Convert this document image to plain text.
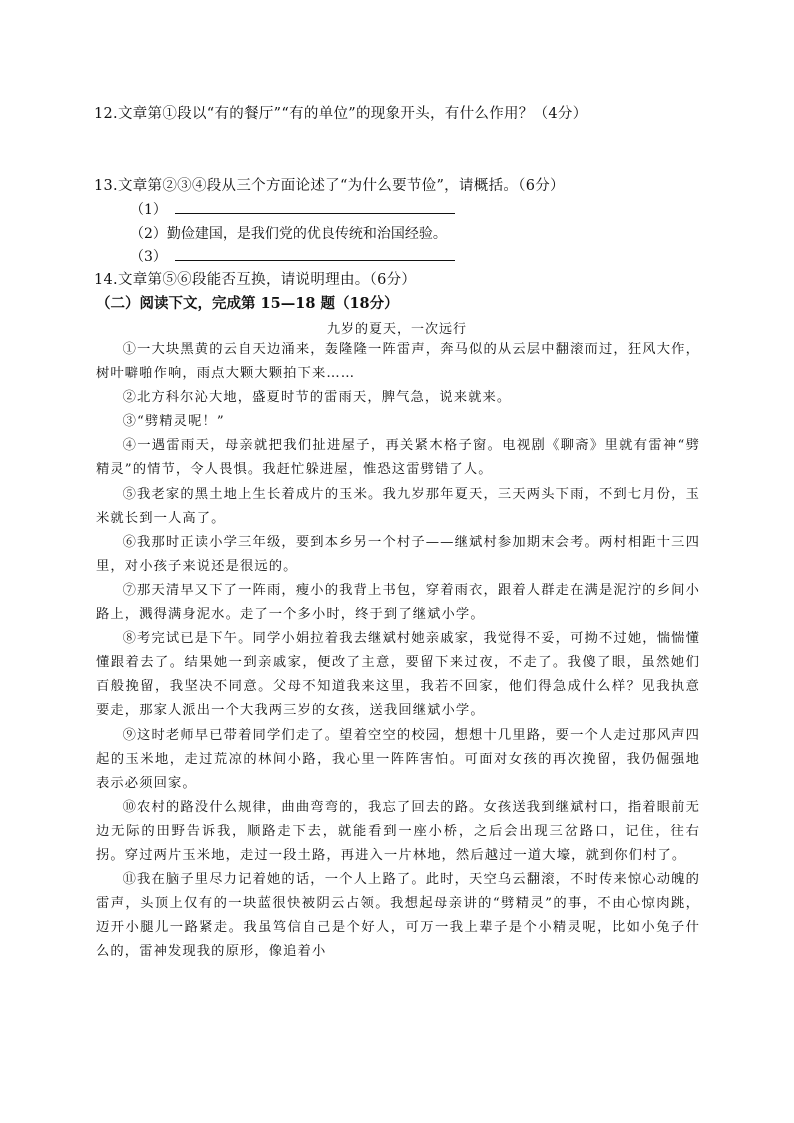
12.文章第①段以“有的餐厅”“有的单位”的现象开头，有什么作用？（4分）
13.文章第②③④段从三个方面论述了“为什么要节俭”，请概括。（6分）
（1）
（2）勤俭建国，是我们党的优良传统和治国经验。
（3）
14.文章第⑤⑥段能否互换，请说明理由。（6分）
（二）阅读下文，完成第 15—18 题（18分）
九岁的夏天，一次远行

①一大块黑黄的云自天边涌来，轰隆隆一阵雷声，奔马似的从云层中翻滚而过，狂风大作，树叶噼啪作响，雨点大颗大颗拍下来……

②北方科尔沁大地，盛夏时节的雷雨天，脾气急，说来就来。

③“劈精灵呢！”

④一遇雷雨天，母亲就把我们扯进屋子，再关紧木格子窗。电视剧《聊斋》里就有雷神“劈精灵”的情节，令人畏惧。我赶忙躲进屋，惟恐这雷劈错了人。

⑤我老家的黑土地上生长着成片的玉米。我九岁那年夏天，三天两头下雨，不到七月份，玉米就长到一人高了。

⑥我那时正读小学三年级，要到本乡另一个村子——继斌村参加期末会考。两村相距十三四里，对小孩子来说还是很远的。

⑦那天清早又下了一阵雨，瘦小的我背上书包，穿着雨衣，跟着人群走在满是泥泞的乡间小路上，溅得满身泥水。走了一个多小时，终于到了继斌小学。

⑧考完试已是下午。同学小娟拉着我去继斌村她亲戚家，我觉得不妥，可拗不过她，惴惴懂懂跟着去了。结果她一到亲戚家，便改了主意，要留下来过夜，不走了。我傻了眼，虽然她们百般挽留，我坚决不同意。父母不知道我来这里，我若不回家，他们得急成什么样？见我执意要走，那家人派出一个大我两三岁的女孩，送我回继斌小学。

⑨这时老师早已带着同学们走了。望着空空的校园，想想十几里路，要一个人走过那风声四起的玉米地，走过荒凉的林间小路，我心里一阵阵害怕。可面对女孩的再次挽留，我仍倔强地表示必须回家。

⑩农村的路没什么规律，曲曲弯弯的，我忘了回去的路。女孩送我到继斌村口，指着眼前无边无际的田野告诉我，顺路走下去，就能看到一座小桥，之后会出现三岔路口，记住，往右拐。穿过两片玉米地，走过一段土路，再进入一片林地，然后越过一道大壕，就到你们村了。

⑪我在脑子里尽力记着她的话，一个人上路了。此时，天空乌云翻滚，不时传来惊心动魄的雷声，头顶上仅有的一块蓝很快被阴云占领。我想起母亲讲的“劈精灵”的事，不由心惊肉跳，迈开小腿儿一路紧走。我虽笃信自己是个好人，可万一我上辈子是个小精灵呢，比如小兔子什么的，雷神发现我的原形，像追着小
